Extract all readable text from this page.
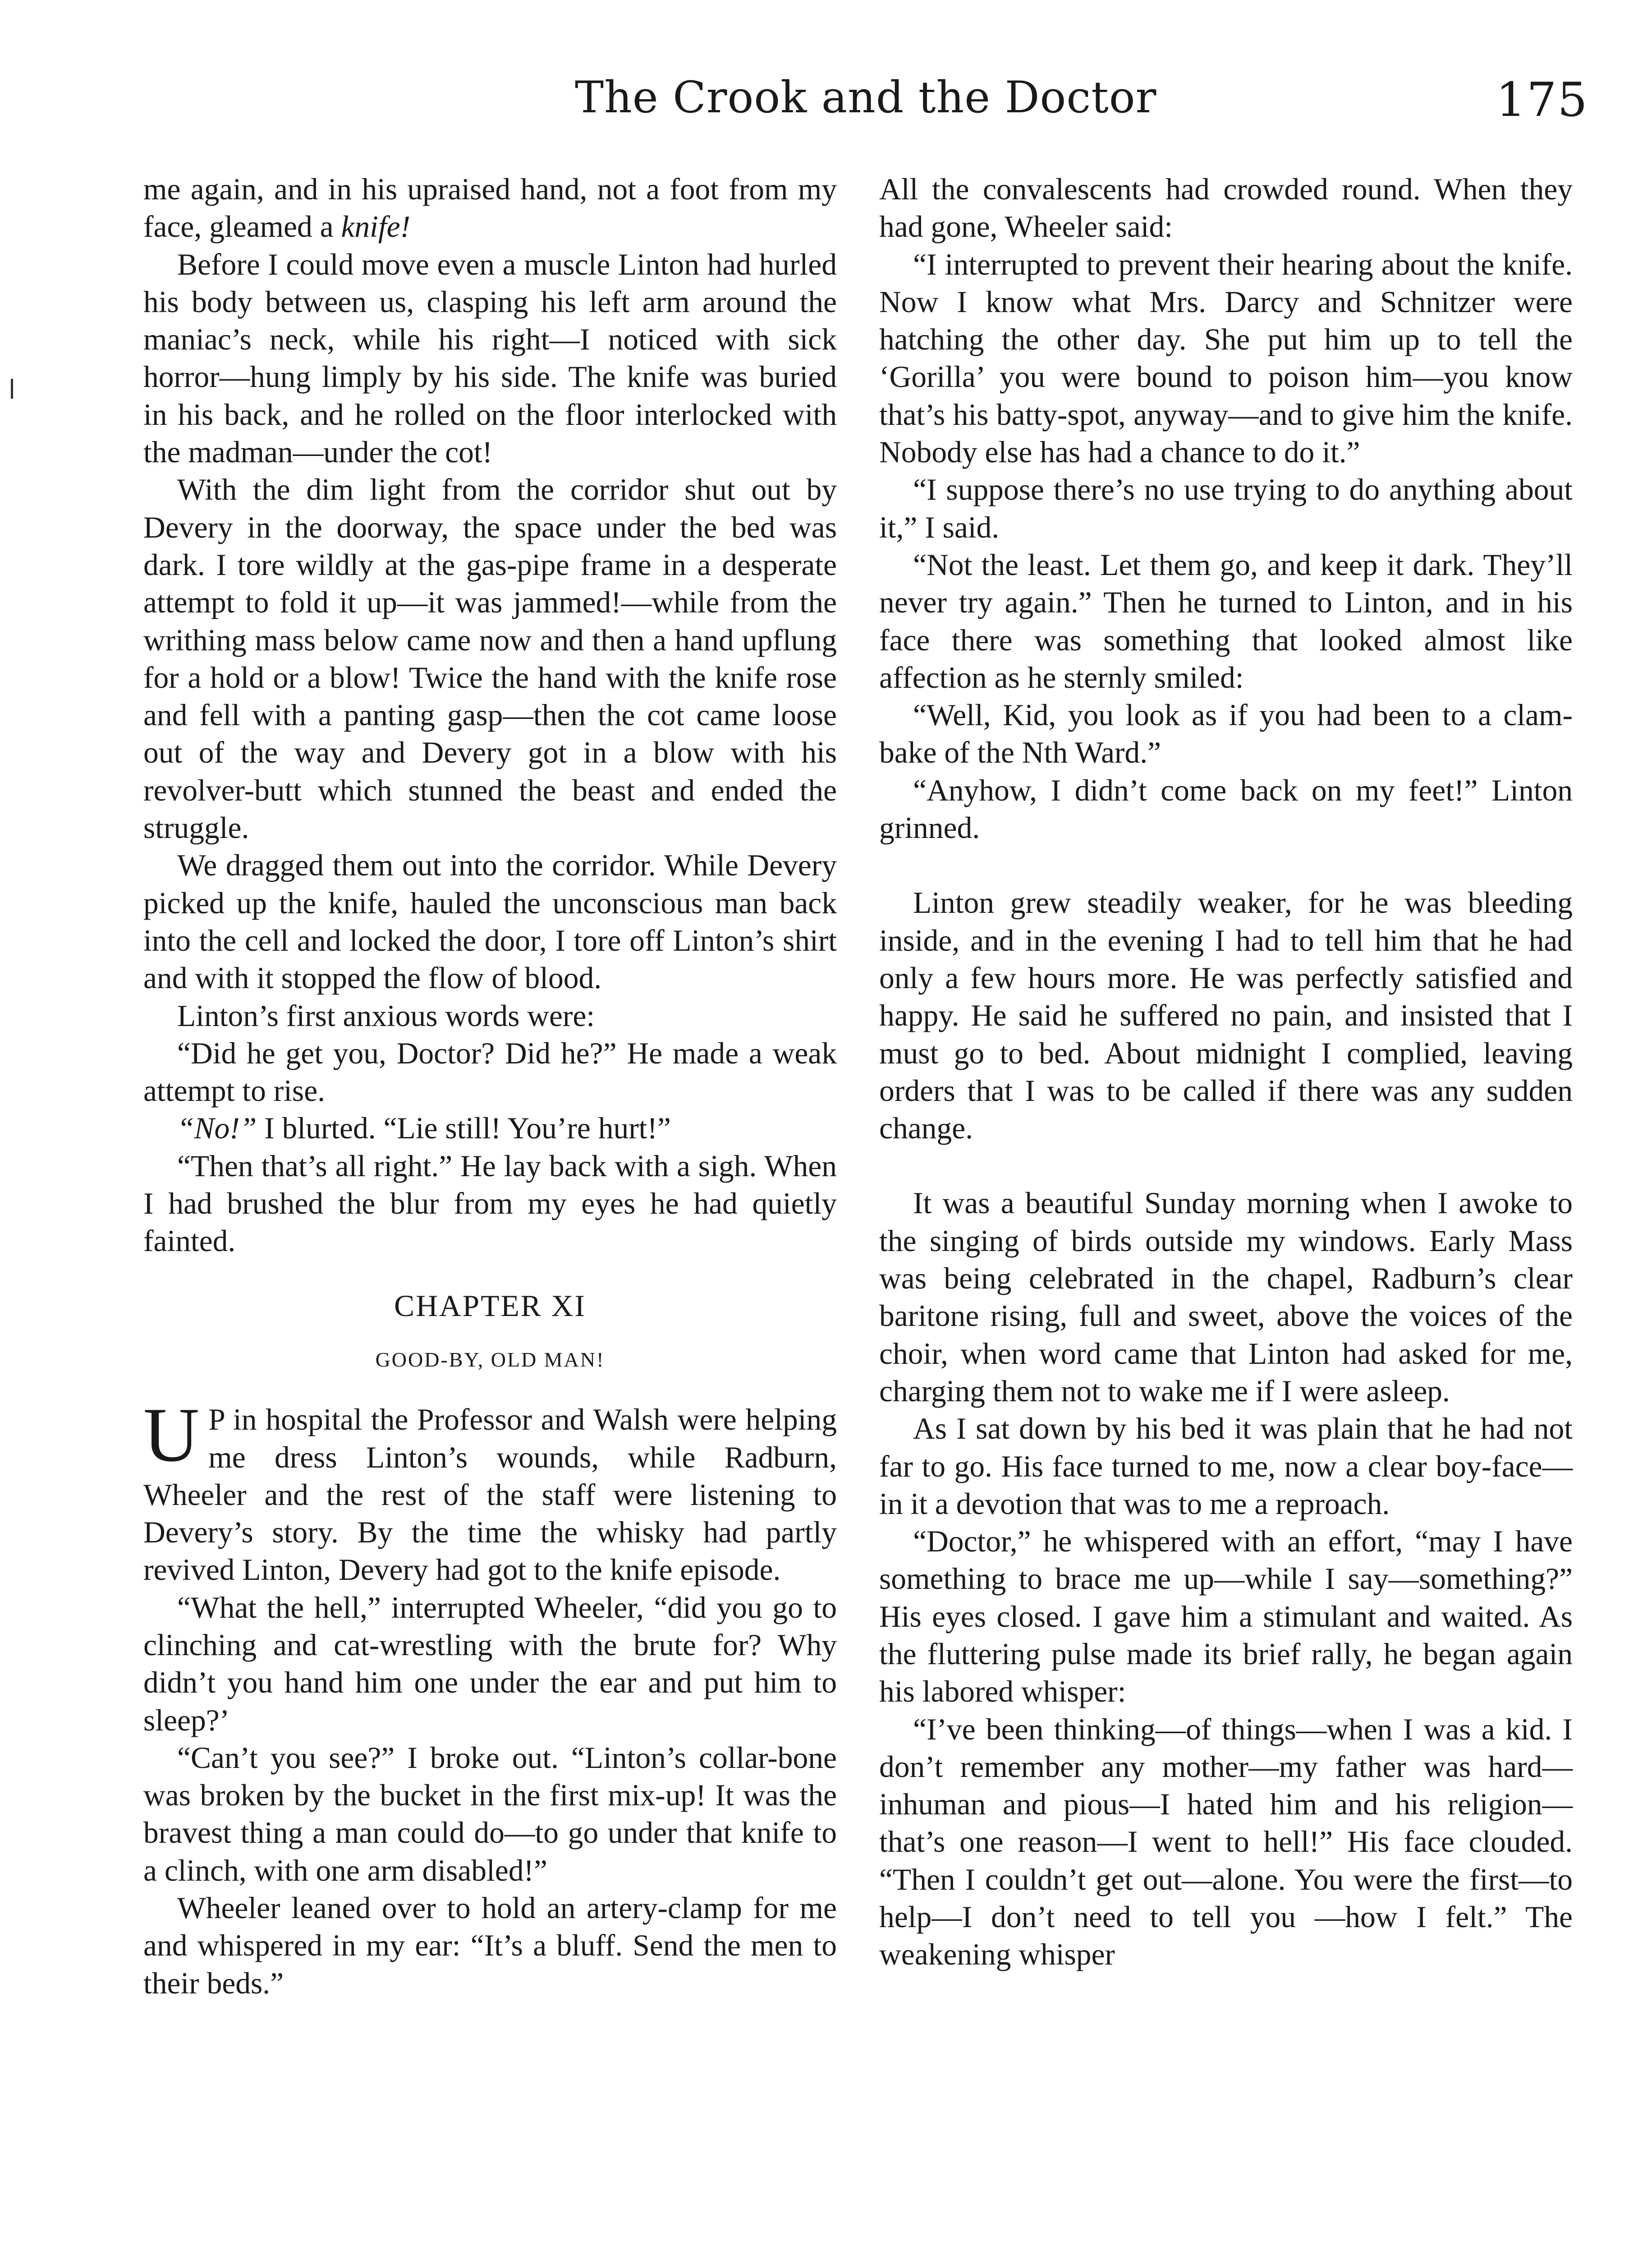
The Crook and the Doctor	175

me again, and in his upraised hand, not a foot from my face, gleamed a knife!

Before I could move even a muscle Linton had hurled his body between us, clasping his left arm around the maniac’s neck, while his right—I noticed with sick horror—hung limply by his side. The knife was buried in his back, and he rolled on the floor interlocked with the madman—under the cot!

With the dim light from the corridor shut out by Devery in the doorway, the space under the bed was dark. I tore wildly at the gas-pipe frame in a desperate attempt to fold it up—it was jammed!—while from the writhing mass below came now and then a hand upflung for a hold or a blow! Twice the hand with the knife rose and fell with a panting gasp—then the cot came loose out of the way and Devery got in a blow with his revolver-butt which stunned the beast and ended the struggle.

We dragged them out into the corridor. While Devery picked up the knife, hauled the unconscious man back into the cell and locked the door, I tore off Linton’s shirt and with it stopped the flow of blood.

Linton’s first anxious words were:

“Did he get you, Doctor? Did he?” He made a weak attempt to rise.

“No!” I blurted. “Lie still! You’re hurt!”

“Then that’s all right.” He lay back with a sigh. When I had brushed the blur from my eyes he had quietly fainted.

CHAPTER XI
GOOD-BY, OLD MAN!

U P in hospital the Professor and Walsh were helping me dress Linton’s wounds, while Radburn, Wheeler and the rest of the staff were listening to Devery’s story. By the time the whisky had partly revived Linton, Devery had got to the knife episode.

“What the hell,” interrupted Wheeler, “did you go to clinching and cat-wrestling with the brute for? Why didn’t you hand him one under the ear and put him to sleep?’

“Can’t you see?” I broke out. “Linton’s collar-bone was broken by the bucket in the first mix-up! It was the bravest thing a man could do—to go under that knife to a clinch, with one arm disabled!”

Wheeler leaned over to hold an artery-clamp for me and whispered in my ear: “It’s a bluff. Send the men to their beds.”

All the convalescents had crowded round. When they had gone, Wheeler said:

“I interrupted to prevent their hearing about the knife. Now I know what Mrs. Darcy and Schnitzer were hatching the other day. She put him up to tell the ‘Gorilla’ you were bound to poison him—you know that’s his batty-spot, anyway—and to give him the knife. Nobody else has had a chance to do it.”

“I suppose there’s no use trying to do anything about it,” I said.

“Not the least. Let them go, and keep it dark. They’ll never try again.” Then he turned to Linton, and in his face there was something that looked almost like affection as he sternly smiled:

“Well, Kid, you look as if you had been to a clam-bake of the Nth Ward.”

“Anyhow, I didn’t come back on my feet!” Linton grinned.

Linton grew steadily weaker, for he was bleeding inside, and in the evening I had to tell him that he had only a few hours more. He was perfectly satisfied and happy. He said he suffered no pain, and insisted that I must go to bed. About midnight I complied, leaving orders that I was to be called if there was any sudden change.

It was a beautiful Sunday morning when I awoke to the singing of birds outside my windows. Early Mass was being celebrated in the chapel, Radburn’s clear baritone rising, full and sweet, above the voices of the choir, when word came that Linton had asked for me, charging them not to wake me if I were asleep.

As I sat down by his bed it was plain that he had not far to go. His face turned to me, now a clear boy-face—in it a devotion that was to me a reproach.

“Doctor,” he whispered with an effort, “may I have something to brace me up—while I say—something?” His eyes closed. I gave him a stimulant and waited. As the fluttering pulse made its brief rally, he began again his labored whisper:

“I’ve been thinking—of things—when I was a kid. I don’t remember any mother—my father was hard—inhuman and pious—I hated him and his religion—that’s one reason—I went to hell!” His face clouded. “Then I couldn’t get out—alone. You were the first—to help—I don’t need to tell you —how I felt.” The weakening whisper
